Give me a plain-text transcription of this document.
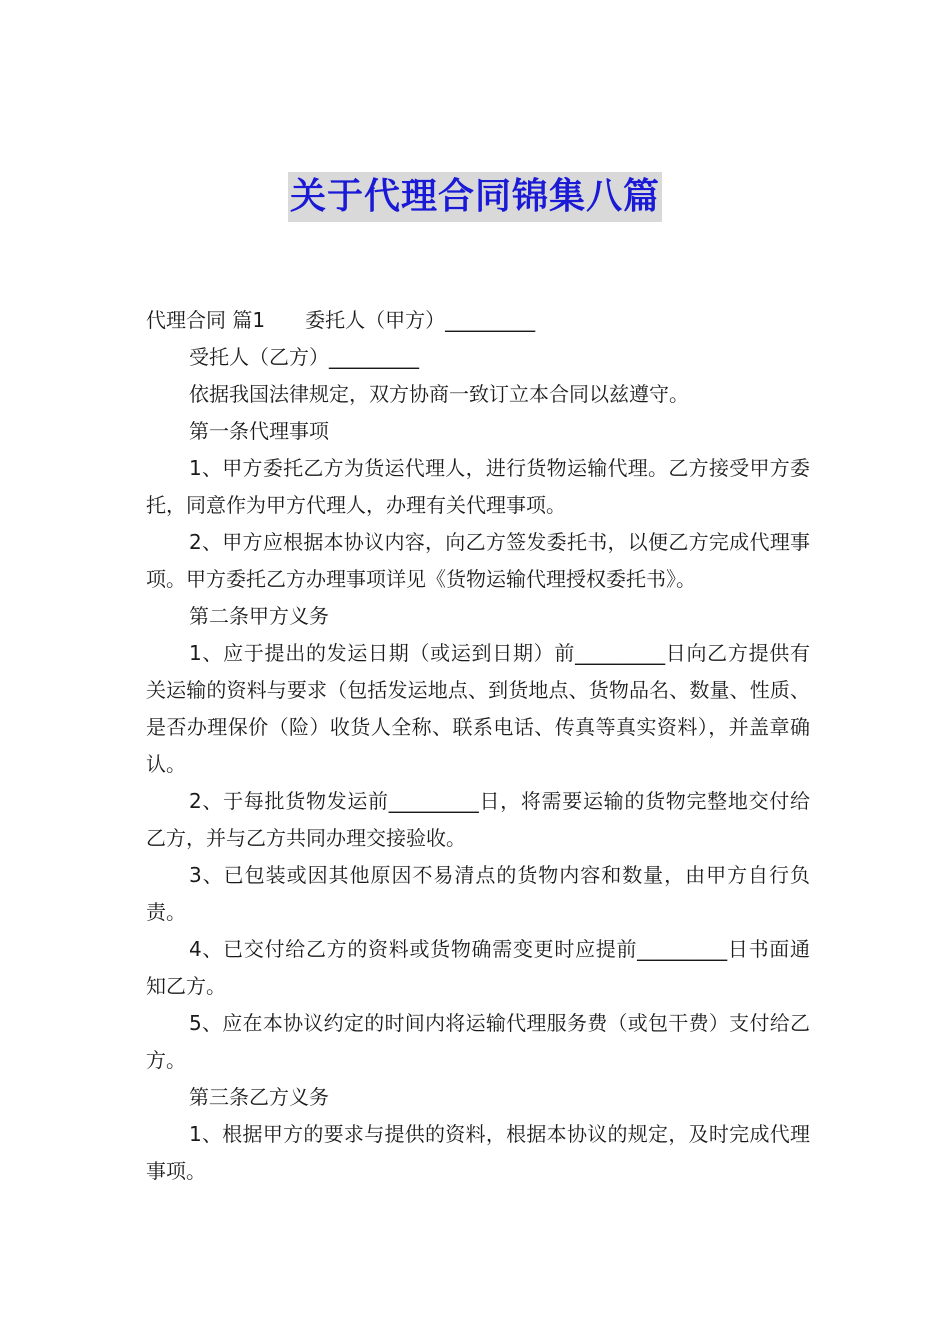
关于代理合同锦集八篇

代理合同 篇1 委托人（甲方）_________

受托人（乙方）_________

依据我国法律规定，双方协商一致订立本合同以兹遵守。

第一条代理事项

1、甲方委托乙方为货运代理人，进行货物运输代理。乙方接受甲方委托，同意作为甲方代理人，办理有关代理事项。

2、甲方应根据本协议内容，向乙方签发委托书，以便乙方完成代理事项。甲方委托乙方办理事项详见《货物运输代理授权委托书》。

第二条甲方义务

1、应于提出的发运日期（或运到日期）前_________日向乙方提供有关运输的资料与要求（包括发运地点、到货地点、货物品名、数量、性质、是否办理保价（险）收货人全称、联系电话、传真等真实资料），并盖章确认。

2、于每批货物发运前_________日，将需要运输的货物完整地交付给乙方，并与乙方共同办理交接验收。

3、已包装或因其他原因不易清点的货物内容和数量，由甲方自行负责。

4、已交付给乙方的资料或货物确需变更时应提前_________日书面通知乙方。

5、应在本协议约定的时间内将运输代理服务费（或包干费）支付给乙方。

第三条乙方义务

1、根据甲方的要求与提供的资料，根据本协议的规定，及时完成代理事项。
